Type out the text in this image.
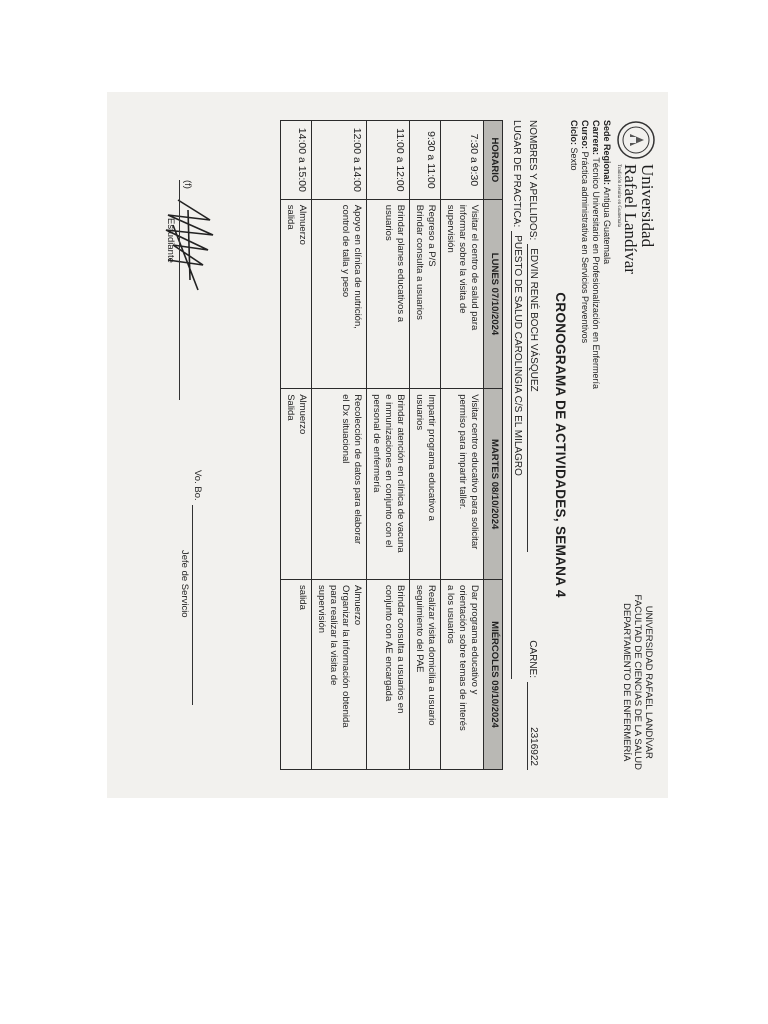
Universidad
Rafael Landívar
Tradición Jesuita en Guatemala
UNIVERSIDAD RAFAEL LANDÍVAR
FACULTAD DE CIENCIAS DE LA SALUD
DEPARTAMENTO DE ENFERMERÍA
Sede Regional: Antigua Guatemala
Carrera: Técnico Universitario en Profesionalización en Enfermería
Curso: Práctica administrativa en Servicios Preventivos
Ciclo: Sexto
CRONOGRAMA DE ACTIVIDADES, SEMANA 4
NOMBRES Y APELLIDOS:
EDVIN RENÉ BOCH VÁSQUEZ
CARNE:
2316922
LUGAR DE PRACTICA:
PUESTO DE SALUD CAROLINGIA C/S EL MILAGRO
HORARIO	LUNES 07/10/2024	MARTES 08/10/2024	MIÉRCOLES 09/10/2024
7:30 a 9:30	Visitar el centro de salud para
informar sobre la visita de
supervisión	Visitar centro educativo para solicitar
permiso para impartir taller.	Dar programa educativo y
orientación sobre temas de interés
a los usuarios

9:30 a 11:00	Regreso a P/S
Brindar consulta a usuarios	Impartir programa educativo a
usuarios	Realizar visita domicilia a usuario
seguimiento del PAE

11:00 a 12:00	Brindar planes educativos a
usuarios	Brindar atención en clínica de vacuna
e inmunizaciones en conjunto con el
personal de enfermería	Brindar consulta a usuarios en
conjunto con AE encargada

12:00 a 14:00	Apoyo en clínica de nutrición,
control de talla y peso	Recolección de datos para elaborar
el Dx situacional	Almuerzo
Organizar la información obtenida
para realizar la visita de
supervisión

14:00 a 15:00	Almuerzo
salida	Almuerzo
Salida	salida
(f)
Estudiante
Vo. Bo.
Jefe de Servicio
